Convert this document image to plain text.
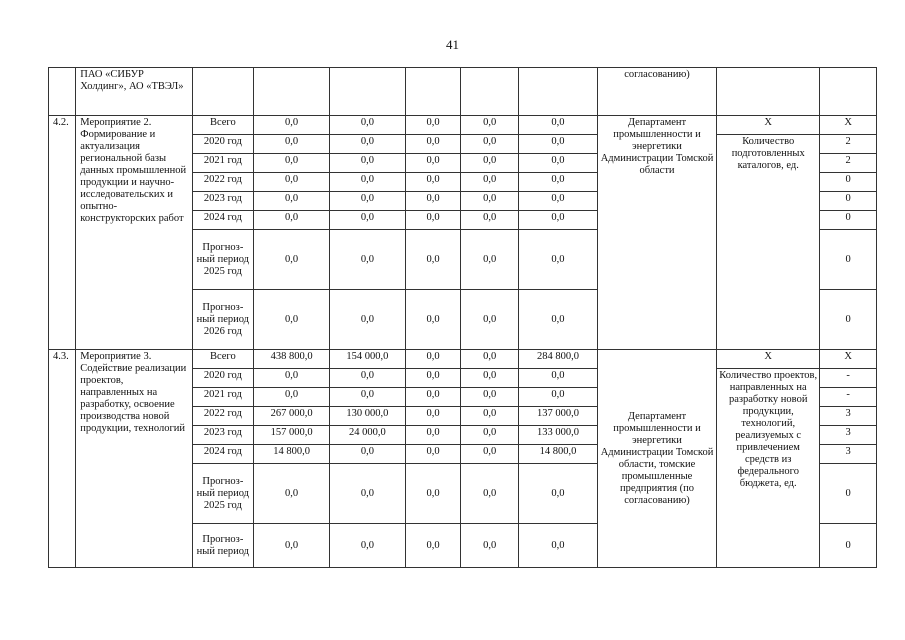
41
	ПАО «СИБУР Холдинг», АО «ТВЭЛ»							согласованию)		
4.2.	Мероприятие 2. Формирование и актуализация региональной базы данных промышленной продукции и научно-исследовательских и опытно-конструкторских работ	Всего	0,0	0,0	0,0	0,0	0,0	Департамент промышленности и энергетики Администрации Томской области	Х	Х
		2020 год	0,0	0,0	0,0	0,0	0,0		Количество подготовленных каталогов, ед.	2
		2021 год	0,0	0,0	0,0	0,0	0,0			2
		2022 год	0,0	0,0	0,0	0,0	0,0			0
		2023 год	0,0	0,0	0,0	0,0	0,0			0
		2024 год	0,0	0,0	0,0	0,0	0,0			0
		Прогноз-ный период 2025 год	0,0	0,0	0,0	0,0	0,0			0
		Прогноз-ный период 2026 год	0,0	0,0	0,0	0,0	0,0			0
4.3.	Мероприятие 3. Содействие реализации проектов, направленных на разработку, освоение производства новой продукции, технологий	Всего	438 800,0	154 000,0	0,0	0,0	284 800,0	Департамент промышленности и энергетики Администрации Томской области, томские промышленные предприятия (по согласованию)	Х	Х
		2020 год	0,0	0,0	0,0	0,0	0,0		Количество проектов, направленных на разработку новой продукции, технологий, реализуемых с привлечением средств из федерального бюджета, ед.	-
		2021 год	0,0	0,0	0,0	0,0	0,0			-
		2022 год	267 000,0	130 000,0	0,0	0,0	137 000,0			3
		2023 год	157 000,0	24 000,0	0,0	0,0	133 000,0			3
		2024 год	14 800,0	0,0	0,0	0,0	14 800,0			3
		Прогноз-ный период 2025 год	0,0	0,0	0,0	0,0	0,0			0
		Прогноз-ный период	0,0	0,0	0,0	0,0	0,0			0
